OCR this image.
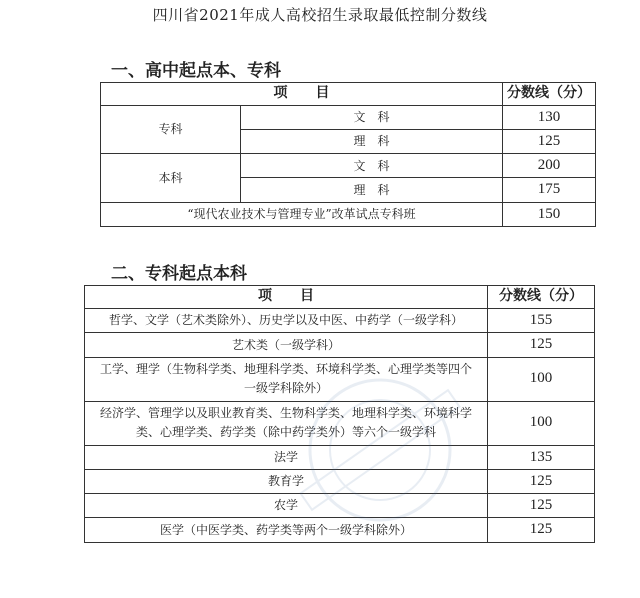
四川省2021年成人高校招生录取最低控制分数线
一、高中起点本、专科
项　　目		分数线（分）
专科	文　科	130
	理　科	125
本科	文　科	200
	理　科	175
“现代农业技术与管理专业”改革试点专科班		150
二、专科起点本科
项　　目	分数线（分）
哲学、文学（艺术类除外）、历史学以及中医、中药学（一级学科）	155
艺术类（一级学科）	125
工学、理学（生物科学类、地理科学类、环境科学类、心理学类等四个一级学科除外）	100
经济学、管理学以及职业教育类、生物科学类、地理科学类、环境科学类、心理学类、药学类（除中药学类外）等六个一级学科	100
法学	135
教育学	125
农学	125
医学（中医学类、药学类等两个一级学科除外）	125
